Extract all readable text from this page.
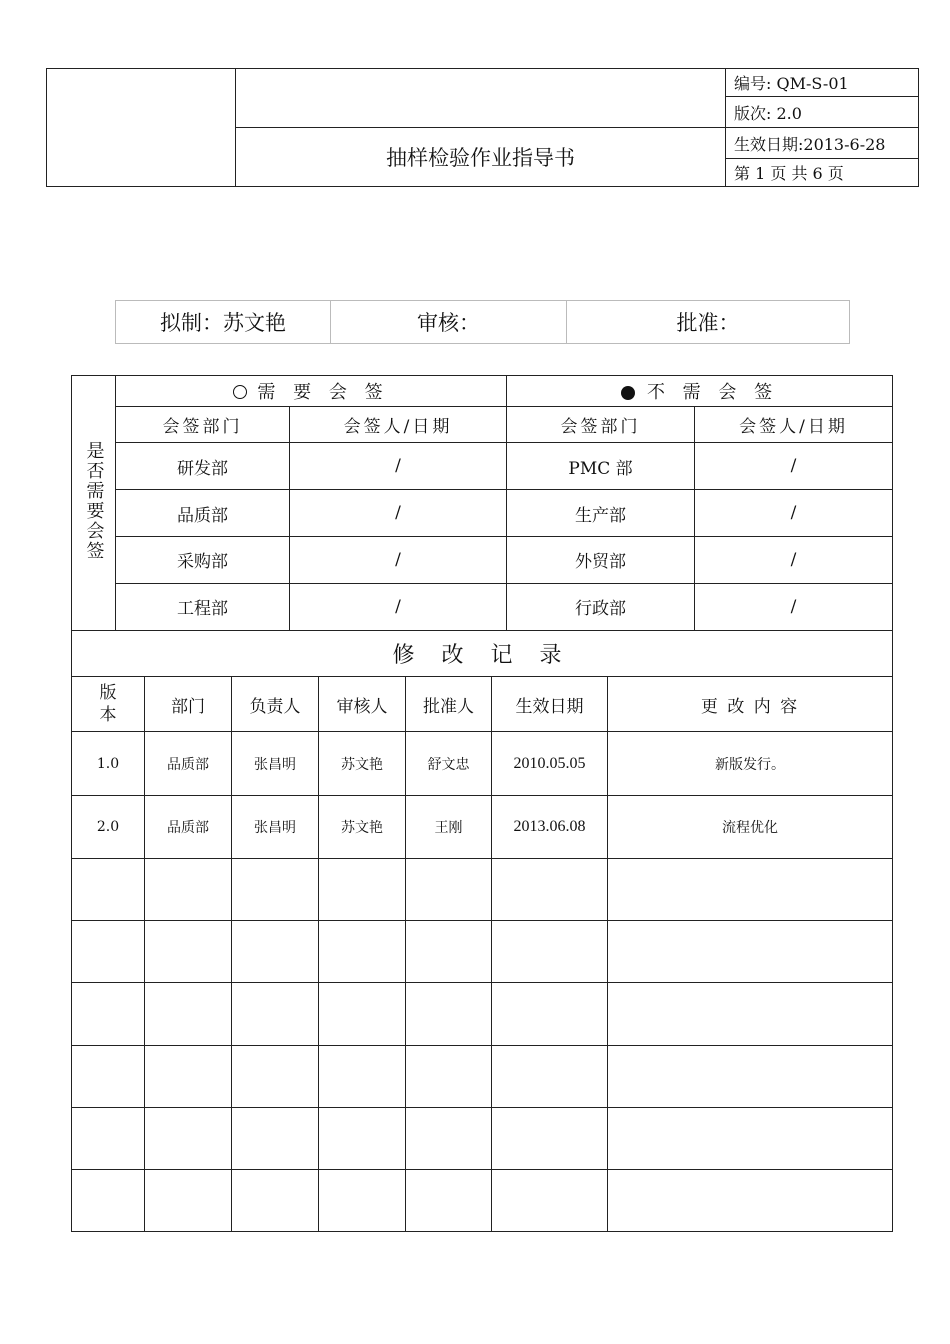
		编号: QM-S-01
		版次: 2.0
	抽样检验作业指导书	生效日期:2013-6-28
		第 1 页 共 6 页
拟制：苏文艳	审核：	批准：
是否需要会签	需 要 会 签		不 需 会 签	
	会签部门	会签人/日期	会签部门	会签人/日期
	研发部	/	PMC 部	/
	品质部	/	生产部	/
	采购部	/	外贸部	/
	工程部	/	行政部	/
修 改 记 录						
版本	部门	负责人	审核人	批准人	生效日期	更 改 内 容
1.0	品质部	张昌明	苏文艳	舒文忠	2010.05.05	新版发行。
2.0	品质部	张昌明	苏文艳	王刚	2013.06.08	流程优化
